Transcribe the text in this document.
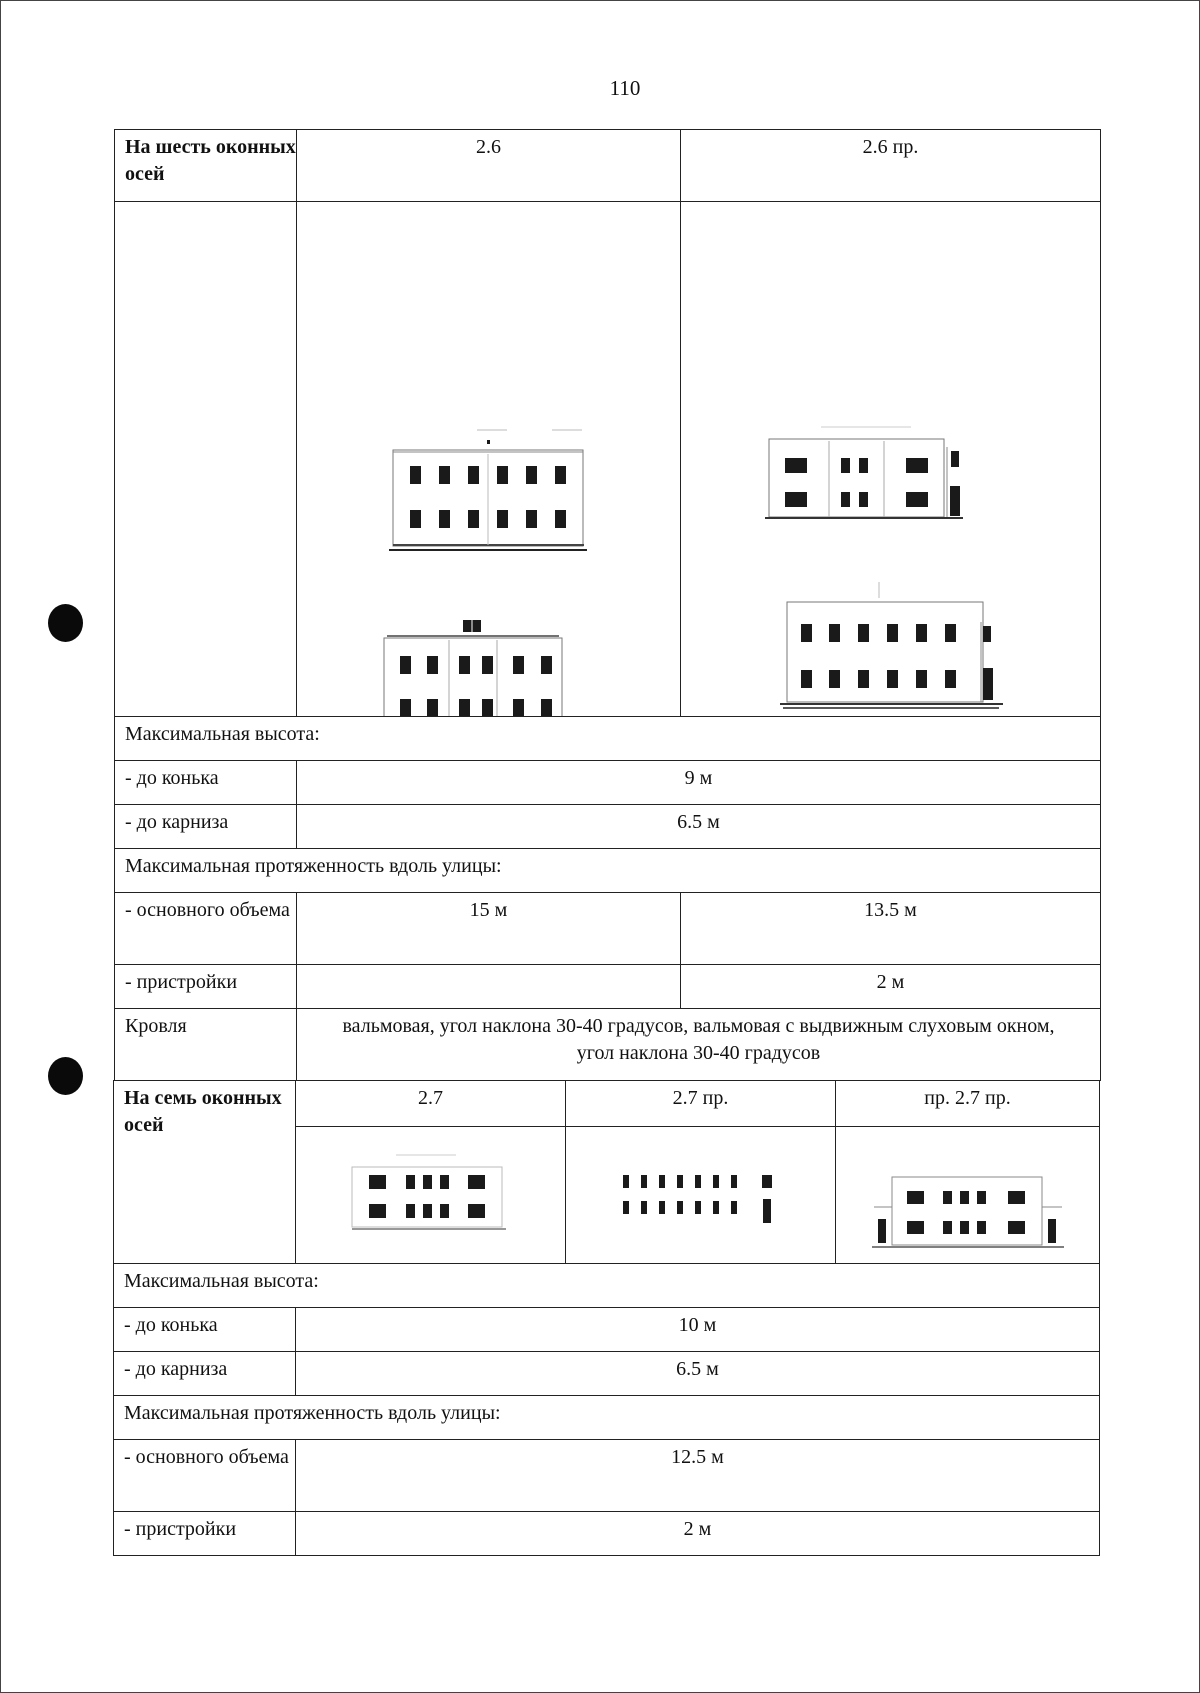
110
На шесть оконных осей	2.6	2.6 пр.

Максимальная высота:		
- до конька	9 м	
- до карниза	6.5 м	
Максимальная протяженность вдоль улицы:		
- основного объема	15 м	13.5 м
- пристройки		2 м
Кровля	вальмовая, угол наклона 30-40 градусов, вальмовая с выдвижным слуховым окном, угол наклона 30-40 градусов	
На семь оконных осей	2.7	2.7 пр.	пр. 2.7 пр.

Максимальная высота:			
- до конька	10 м		
- до карниза	6.5 м		
Максимальная протяженность вдоль улицы:			
- основного объема	12.5 м		
- пристройки	2 м		
